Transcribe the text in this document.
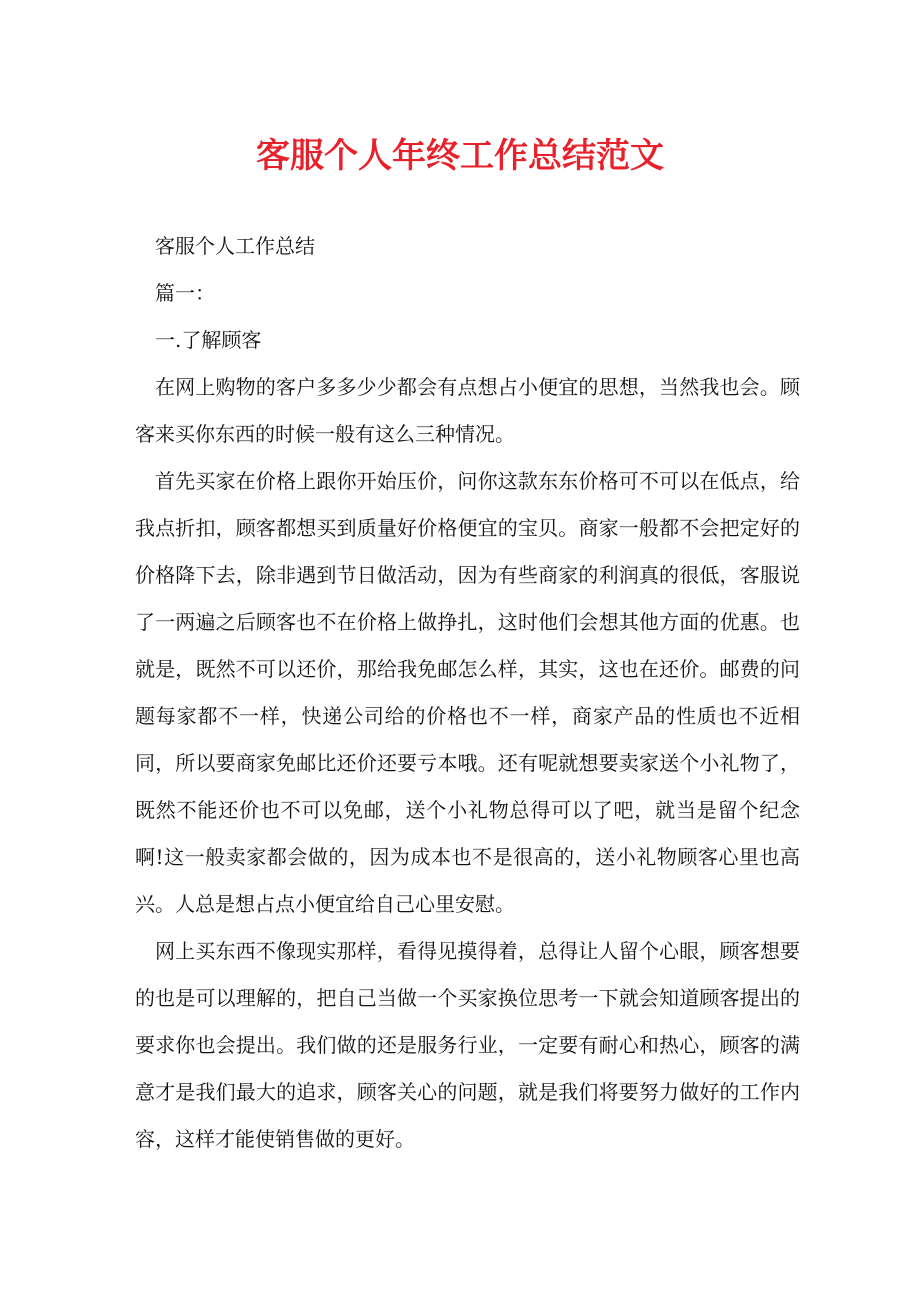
客服个人年终工作总结范文

客服个人工作总结

篇一：

一.了解顾客

在网上购物的客户多多少少都会有点想占小便宜的思想，当然我也会。顾客来买你东西的时候一般有这么三种情况。

首先买家在价格上跟你开始压价，问你这款东东价格可不可以在低点，给我点折扣，顾客都想买到质量好价格便宜的宝贝。商家一般都不会把定好的价格降下去，除非遇到节日做活动，因为有些商家的利润真的很低，客服说了一两遍之后顾客也不在价格上做挣扎，这时他们会想其他方面的优惠。也就是，既然不可以还价，那给我免邮怎么样，其实，这也在还价。邮费的问题每家都不一样，快递公司给的价格也不一样，商家产品的性质也不近相同，所以要商家免邮比还价还要亏本哦。还有呢就想要卖家送个小礼物了，既然不能还价也不可以免邮，送个小礼物总得可以了吧，就当是留个纪念啊!这一般卖家都会做的，因为成本也不是很高的，送小礼物顾客心里也高兴。人总是想占点小便宜给自己心里安慰。

网上买东西不像现实那样，看得见摸得着，总得让人留个心眼，顾客想要的也是可以理解的，把自己当做一个买家换位思考一下就会知道顾客提出的要求你也会提出。我们做的还是服务行业，一定要有耐心和热心，顾客的满意才是我们最大的追求，顾客关心的问题，就是我们将要努力做好的工作内容，这样才能使销售做的更好。
